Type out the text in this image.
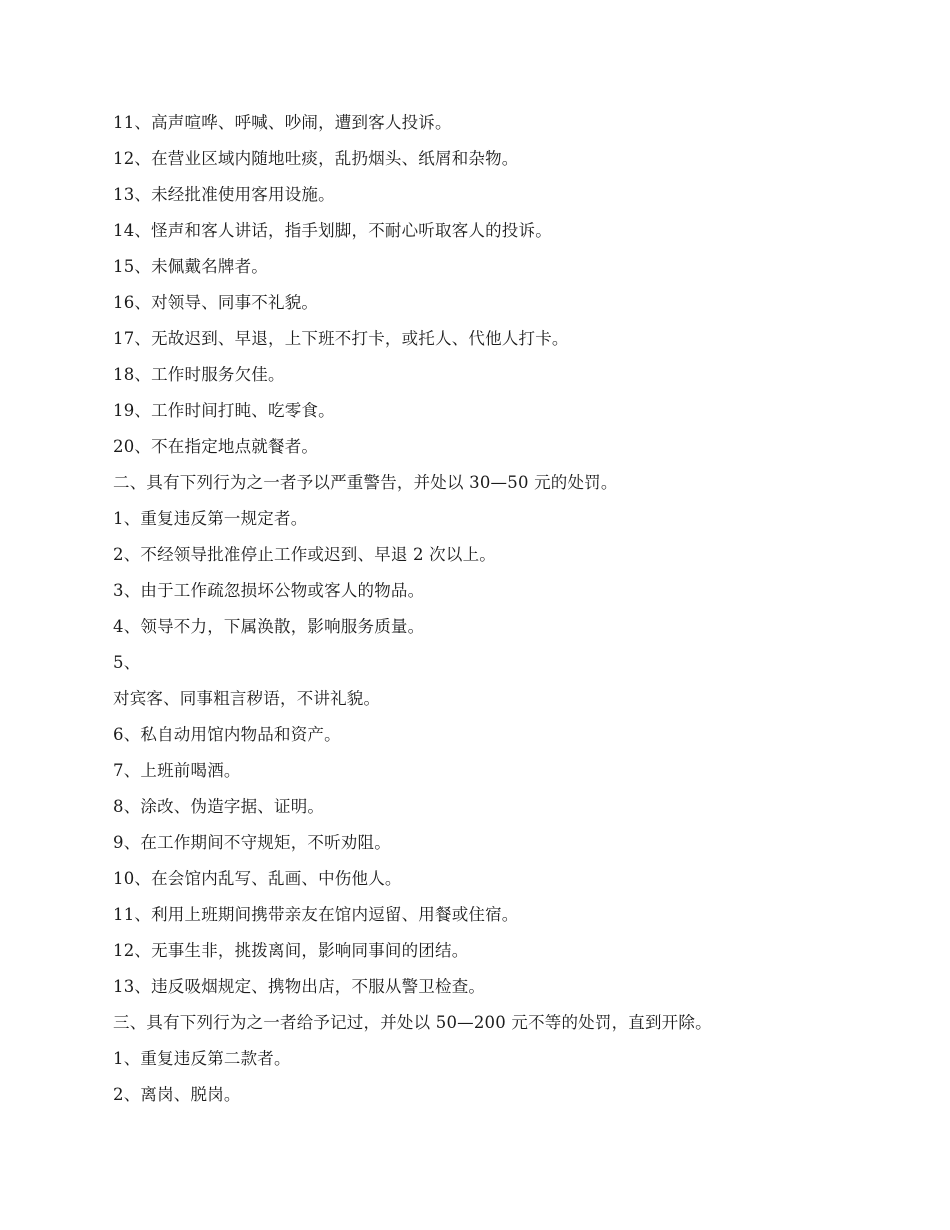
11、高声喧哗、呼喊、吵闹，遭到客人投诉。
12、在营业区域内随地吐痰，乱扔烟头、纸屑和杂物。
13、未经批准使用客用设施。
14、怪声和客人讲话，指手划脚，不耐心听取客人的投诉。
15、未佩戴名牌者。
16、对领导、同事不礼貌。
17、无故迟到、早退，上下班不打卡，或托人、代他人打卡。
18、工作时服务欠佳。
19、工作时间打盹、吃零食。
20、不在指定地点就餐者。
二、具有下列行为之一者予以严重警告，并处以 30—50 元的处罚。
1、重复违反第一规定者。
2、不经领导批准停止工作或迟到、早退 2 次以上。
3、由于工作疏忽损坏公物或客人的物品。
4、领导不力，下属涣散，影响服务质量。
5、
对宾客、同事粗言秽语，不讲礼貌。
6、私自动用馆内物品和资产。
7、上班前喝酒。
8、涂改、伪造字据、证明。
9、在工作期间不守规矩，不听劝阻。
10、在会馆内乱写、乱画、中伤他人。
11、利用上班期间携带亲友在馆内逗留、用餐或住宿。
12、无事生非，挑拨离间，影响同事间的团结。
13、违反吸烟规定、携物出店，不服从警卫检查。
三、具有下列行为之一者给予记过，并处以 50—200 元不等的处罚，直到开除。
1、重复违反第二款者。
2、离岗、脱岗。
